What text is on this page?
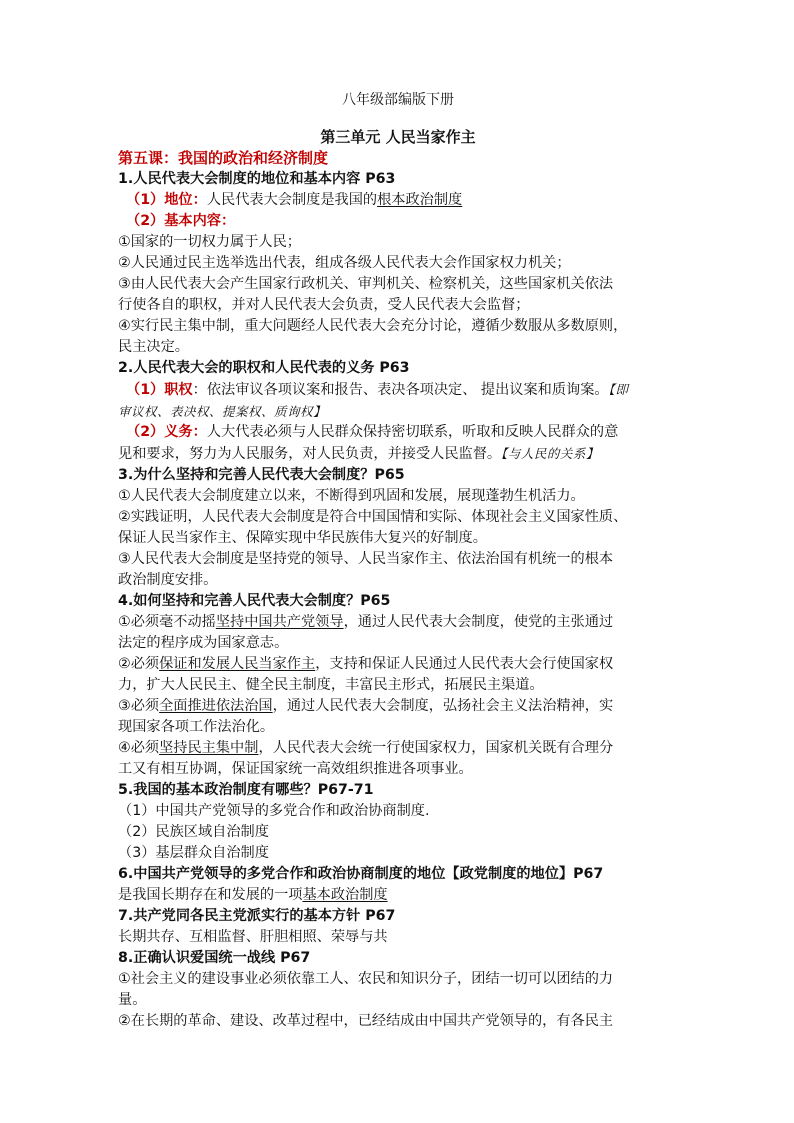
八年级部编版下册
第三单元 人民当家作主
第五课：我国的政治和经济制度
1.人民代表大会制度的地位和基本内容 P63
（1）地位：人民代表大会制度是我国的根本政治制度
（2）基本内容：
①国家的一切权力属于人民；
②人民通过民主选举选出代表，组成各级人民代表大会作国家权力机关；
③由人民代表大会产生国家行政机关、审判机关、检察机关，这些国家机关依法
行使各自的职权，并对人民代表大会负责，受人民代表大会监督；
④实行民主集中制，重大问题经人民代表大会充分讨论，遵循少数服从多数原则，
民主决定。
2.人民代表大会的职权和人民代表的义务 P63
（1）职权：依法审议各项议案和报告、表决各项决定、 提出议案和质询案。【即
审议权、表决权、提案权、质询权】
（2）义务：人大代表必须与人民群众保持密切联系，听取和反映人民群众的意
见和要求，努力为人民服务，对人民负责，并接受人民监督。【与人民的关系】
3.为什么坚持和完善人民代表大会制度？P65
①人民代表大会制度建立以来，不断得到巩固和发展，展现蓬勃生机活力。
②实践证明，人民代表大会制度是符合中国国情和实际、体现社会主义国家性质、
保证人民当家作主、保障实现中华民族伟大复兴的好制度。
③人民代表大会制度是坚持党的领导、人民当家作主、依法治国有机统一的根本
政治制度安排。
4.如何坚持和完善人民代表大会制度？P65
①必须毫不动摇坚持中国共产党领导，通过人民代表大会制度，使党的主张通过
法定的程序成为国家意志。
②必须保证和发展人民当家作主，支持和保证人民通过人民代表大会行使国家权
力，扩大人民民主、健全民主制度，丰富民主形式，拓展民主渠道。
③必须全面推进依法治国，通过人民代表大会制度，弘扬社会主义法治精神，实
现国家各项工作法治化。
④必须坚持民主集中制，人民代表大会统一行使国家权力，国家机关既有合理分
工又有相互协调，保证国家统一高效组织推进各项事业。
5.我国的基本政治制度有哪些？P67-71
（1）中国共产党领导的多党合作和政治协商制度.
（2）民族区域自治制度
（3）基层群众自治制度
6.中国共产党领导的多党合作和政治协商制度的地位【政党制度的地位】P67
是我国长期存在和发展的一项基本政治制度
7.共产党同各民主党派实行的基本方针 P67
长期共存、互相监督、肝胆相照、荣辱与共
8.正确认识爱国统一战线 P67
①社会主义的建设事业必须依靠工人、农民和知识分子，团结一切可以团结的力
量。
②在长期的革命、建设、改革过程中，已经结成由中国共产党领导的，有各民主
